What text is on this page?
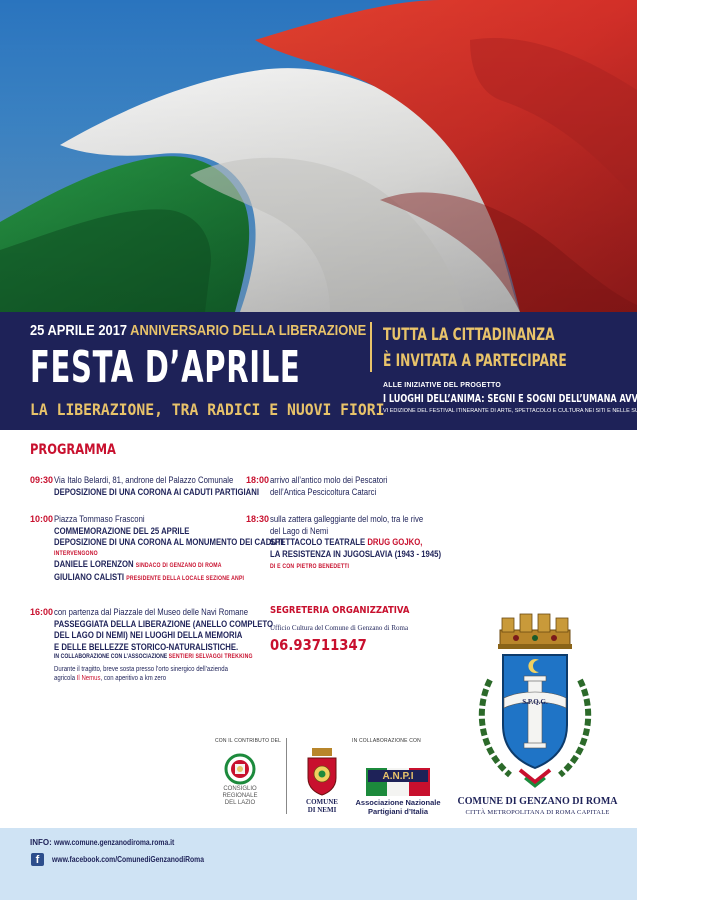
25 APRILE 2017 ANNIVERSARIO DELLA LIBERAZIONE
FESTA D’APRILE
LA LIBERAZIONE, TRA RADICI E NUOVI FIORI
TUTTA LA CITTADINANZA
È INVITATA A PARTECIPARE
ALLE INIZIATIVE DEL PROGETTO
I LUOGHI DELL’ANIMA: SEGNI E SOGNI DELL’UMANA AVVENTURA
VI EDIZIONE DEL FESTIVAL ITINERANTE DI ARTE, SPETTACOLO E CULTURA NEI SITI E NELLE SUGGESTIONI DELLA MEMORIA
PROGRAMMA
09:30 Via Italo Belardi, 81, androne del Palazzo Comunale
DEPOSIZIONE DI UNA CORONA AI CADUTI PARTIGIANI
10:00 Piazza Tommaso Frasconi
COMMEMORAZIONE DEL 25 APRILE
DEPOSIZIONE DI UNA CORONA AL MONUMENTO DEI CADUTI
INTERVENGONO
DANIELE LORENZON SINDACO DI GENZANO DI ROMA
GIULIANO CALISTI PRESIDENTE DELLA LOCALE SEZIONE ANPI
16:00 con partenza dal Piazzale del Museo delle Navi Romane
PASSEGGIATA DELLA LIBERAZIONE (ANELLO COMPLETO
DEL LAGO DI NEMI) NEI LUOGHI DELLA MEMORIA
E DELLE BELLEZZE STORICO-NATURALISTICHE.
IN COLLABORAZIONE CON L’ASSOCIAZIONE SENTIERI SELVAGGI TREKKING
Durante il tragitto, breve sosta presso l’orto sinergico dell’azienda
agricola Il Nemus, con aperitivo a km zero
18:00 arrivo all’antico molo dei Pescatori
dell’Antica Pescicoltura Catarci
18:30 sulla zattera galleggiante del molo, tra le rive
del Lago di Nemi
SPETTACOLO TEATRALE DRUG GOJKO,
LA RESISTENZA IN JUGOSLAVIA (1943 - 1945)
DI E CON PIETRO BENEDETTI
SEGRETERIA ORGANIZZATIVA
Ufficio Cultura del Comune di Genzano di Roma
06.93711347
S.P.Q.G.
COMUNE DI GENZANO DI ROMA
CITTÀ METROPOLITANA DI ROMA CAPITALE
CON IL CONTRIBUTO DEL
CONSIGLIO
REGIONALE
DEL LAZIO
IN COLLABORAZIONE CON
COMUNE
DI NEMI
A.N.P.I
Associazione Nazionale
Partigiani d’Italia
INFO: www.comune.genzanodiroma.roma.it
f	www.facebook.com/ComunediGenzanodiRoma
